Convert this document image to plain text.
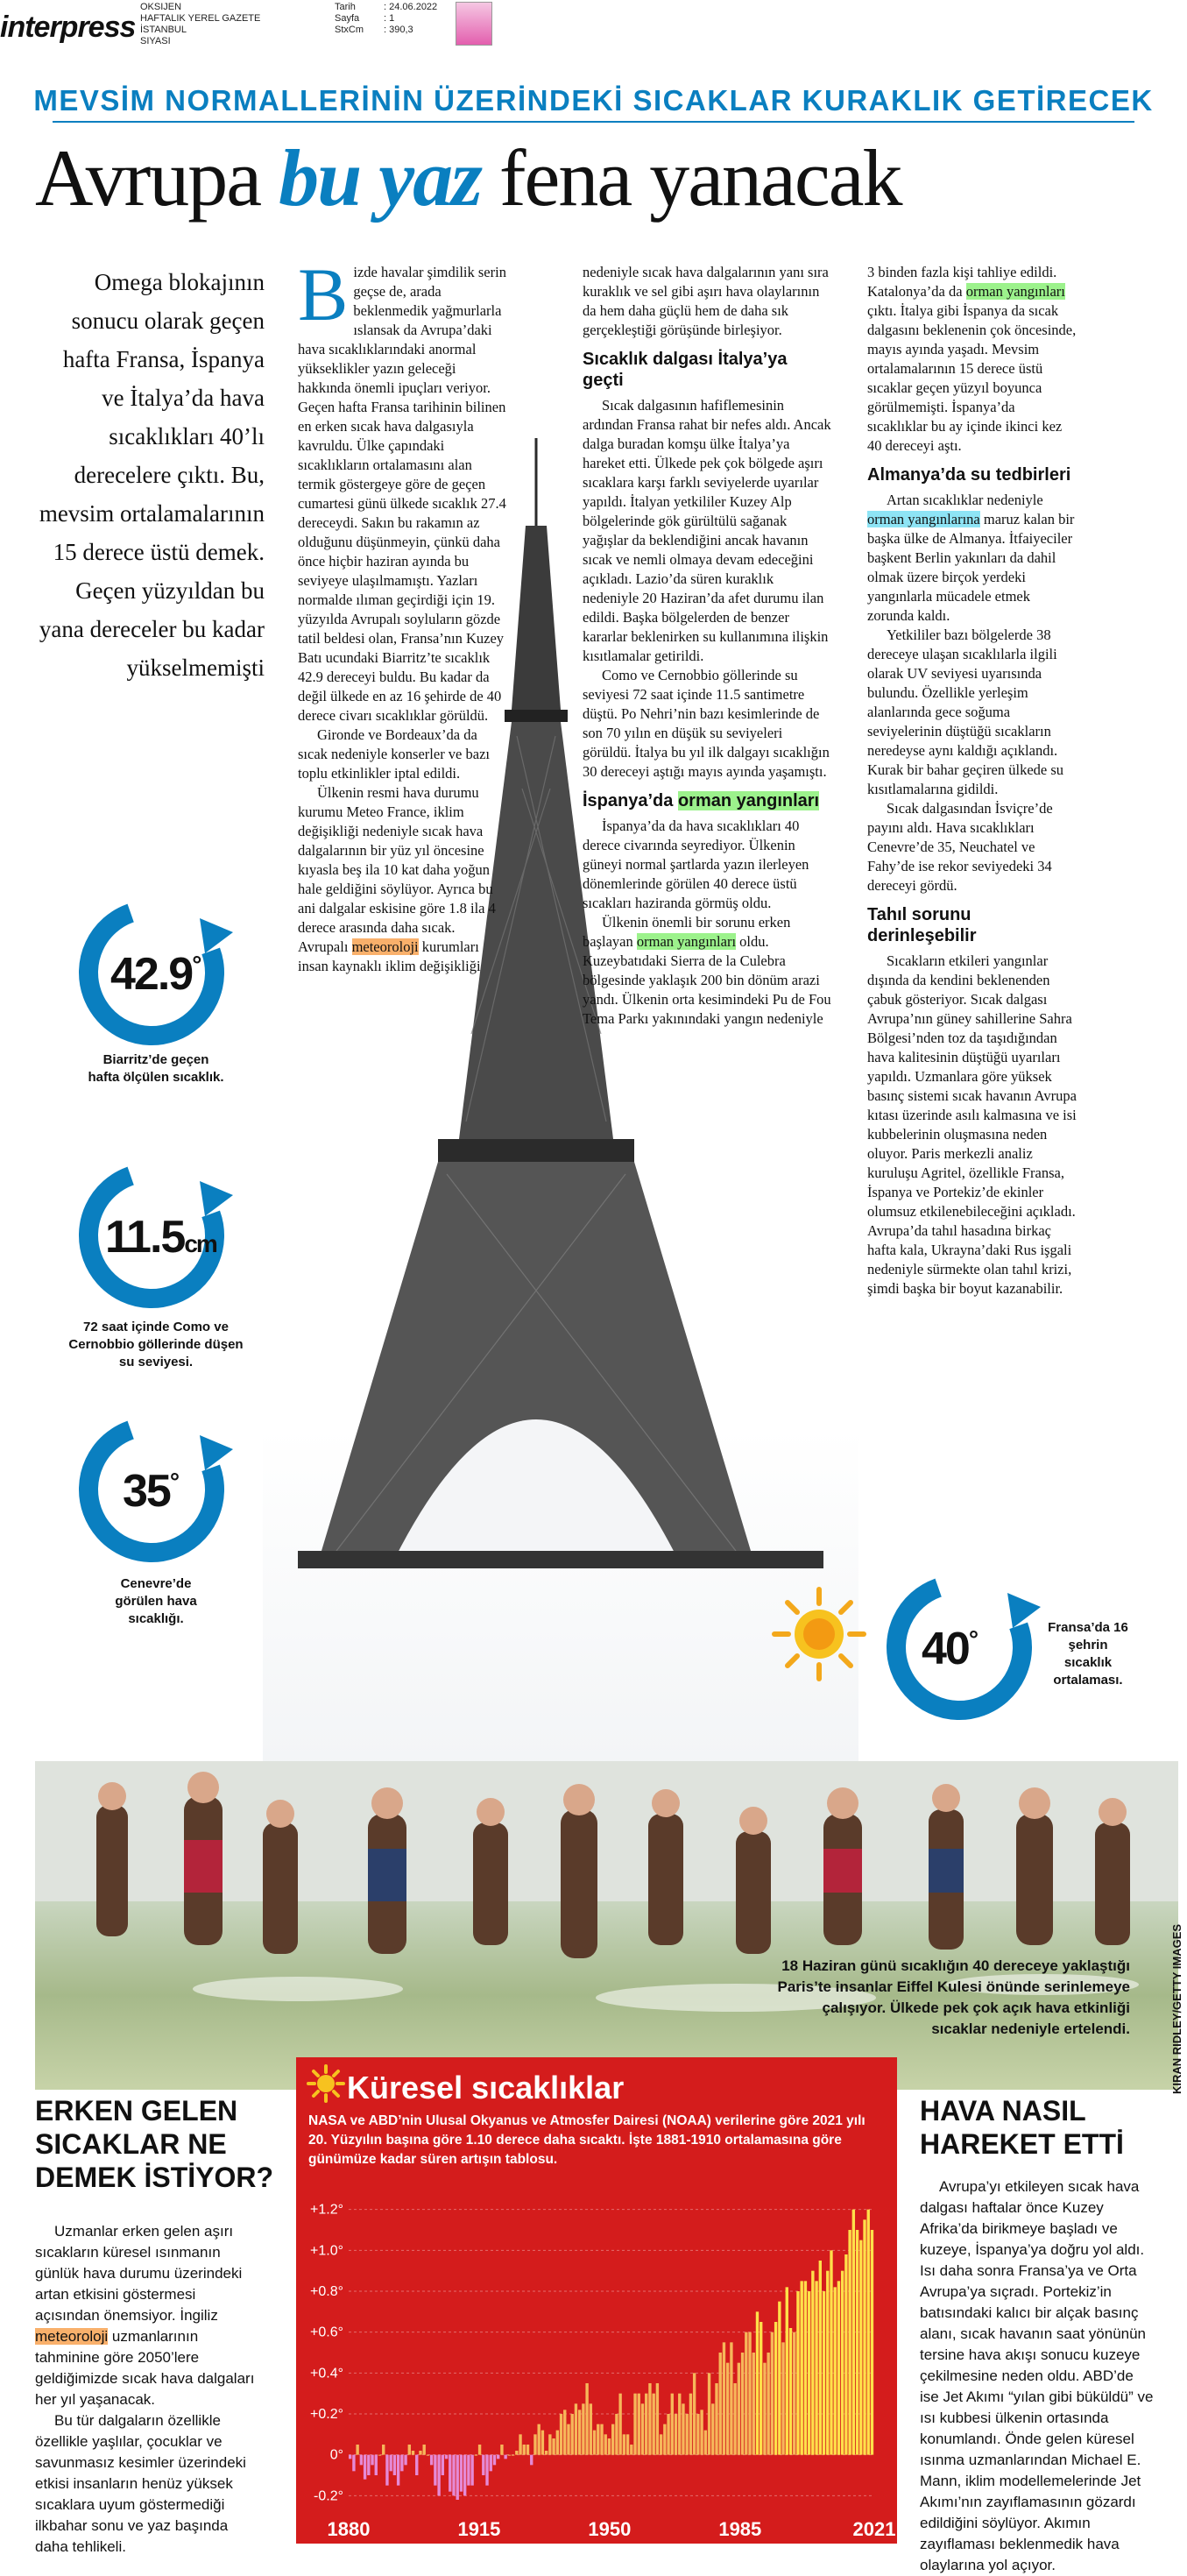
interpress
OKSIJEN
HAFTALIK YEREL GAZETE
İSTANBUL
SIYASI
Tarih
Sayfa
StxCm
: 24.06.2022
: 1
: 390,3
MEVSİM NORMALLERİNİN ÜZERİNDEKİ SICAKLAR KURAKLIK GETİRECEK
Avrupa bu yaz fena yanacak
Omega blokajının sonucu olarak geçen hafta Fransa, İspanya ve İtalya’da hava sıcaklıkları 40’lı derecelere çıktı. Bu, mevsim ortalamalarının 15 derece üstü demek. Geçen yüzyıldan bu yana dereceler bu kadar yükselmemişti
42.9°
Biarritz’de geçen hafta ölçülen sıcaklık.
11.5cm
72 saat içinde Como ve Cernobbio göllerinde düşen su seviyesi.
35°
Cenevre’de görülen hava sıcaklığı.

Bizde havalar şimdilik serin geçse de, arada beklenmedik yağmurlarla ıslansak da Avrupa’daki hava sıcaklıklarındaki anormal yükseklikler yazın geleceği hakkında önemli ipuçları veriyor. Geçen hafta Fransa tarihinin bilinen en erken sıcak hava dalgasıyla kavruldu. Ülke çapındaki sıcaklıkların ortalamasını alan termik göstergeye göre de geçen cumartesi günü ülkede sıcaklık 27.4 dereceydi. Sakın bu rakamın az olduğunu düşünmeyin, çünkü daha önce hiçbir haziran ayında bu seviyeye ulaşılmamıştı. Yazları normalde ılıman geçirdiği için 19. yüzyılda Avrupalı soyluların gözde tatil beldesi olan, Fransa’nın Kuzey Batı ucundaki Biarritz’te sıcaklık 42.9 dereceyi buldu. Bu kadar da değil ülkede en az 16 şehirde de 40 derece civarı sıcaklıklar görüldü.

Gironde ve Bordeaux’da da sıcak nedeniyle konserler ve bazı toplu etkinlikler iptal edildi.

Ülkenin resmi hava durumu kurumu Meteo France, iklim değişikliği nedeniyle sıcak hava dalgalarının bir yüz yıl öncesine kıyasla beş ila 10 kat daha yoğun hale geldiğini söylüyor. Ayrıca bu ani dalgalar eskisine göre 1.8 ila 4 derece arasında daha sıcak. Avrupalı meteoroloji kurumları insan kaynaklı iklim değişikliği

nedeniyle sıcak hava dalgalarının yanı sıra kuraklık ve sel gibi aşırı hava olaylarının da hem daha güçlü hem de daha sık gerçekleştiği görüşünde birleşiyor.

Sıcaklık dalgası İtalya’ya geçti

Sıcak dalgasının hafiflemesinin ardından Fransa rahat bir nefes aldı. Ancak dalga buradan komşu ülke İtalya’ya hareket etti. Ülkede pek çok bölgede aşırı sıcaklara karşı farklı seviyelerde uyarılar yapıldı. İtalyan yetkililer Kuzey Alp bölgelerinde gök gürültülü sağanak yağışlar da beklendiğini ancak havanın sıcak ve nemli olmaya devam edeceğini açıkladı. Lazio’da süren kuraklık nedeniyle 20 Haziran’da afet durumu ilan edildi. Başka bölgelerden de benzer kararlar beklenirken su kullanımına ilişkin kısıtlamalar getirildi.

Como ve Cernobbio göllerinde su seviyesi 72 saat içinde 11.5 santimetre düştü. Po Nehri’nin bazı kesimlerinde de son 70 yılın en düşük su seviyeleri görüldü. İtalya bu yıl ilk dalgayı sıcaklığın 30 dereceyi aştığı mayıs ayında yaşamıştı.

İspanya’da orman yangınları

İspanya’da da hava sıcaklıkları 40 derece civarında seyrediyor. Ülkenin güneyi normal şartlarda yazın ilerleyen dönemlerinde görülen 40 derece üstü sıcakları haziranda görmüş oldu.

Ülkenin önemli bir sorunu erken başlayan orman yangınları oldu. Kuzeybatıdaki Sierra de la Culebra bölgesinde yaklaşık 200 bin dönüm arazi yandı. Ülkenin orta kesimindeki Pu de Fou Tema Parkı yakınındaki yangın nedeniyle

3 binden fazla kişi tahliye edildi. Katalonya’da da orman yangınları çıktı. İtalya gibi İspanya da sıcak dalgasını beklenenin çok öncesinde, mayıs ayında yaşadı. Mevsim ortalamalarının 15 derece üstü sıcaklar geçen yüzyıl boyunca görülmemişti. İspanya’da sıcaklıklar bu ay içinde ikinci kez 40 dereceyi aştı.

Almanya’da su tedbirleri

Artan sıcaklıklar nedeniyle orman yangınlarına maruz kalan bir başka ülke de Almanya. İtfaiyeciler başkent Berlin yakınları da dahil olmak üzere birçok yerdeki yangınlarla mücadele etmek zorunda kaldı.

Yetkililer bazı bölgelerde 38 dereceye ulaşan sıcaklılarla ilgili olarak UV seviyesi uyarısında bulundu. Özellikle yerleşim alanlarında gece soğuma seviyelerinin düştüğü sıcakların neredeyse aynı kaldığı açıklandı. Kurak bir bahar geçiren ülkede su kısıtlamalarına gidildi.

Sıcak dalgasından İsviçre’de payını aldı. Hava sıcaklıkları Cenevre’de 35, Neuchatel ve Fahy’de ise rekor seviyedeki 34 dereceyi gördü.

Tahıl sorunu derinleşebilir

Sıcakların etkileri yangınlar dışında da kendini beklenenden çabuk gösteriyor. Sıcak dalgası Avrupa’nın güney sahillerine Sahra Bölgesi’nden toz da taşıdığından hava kalitesinin düştüğü uyarıları yapıldı. Uzmanlara göre yüksek basınç sistemi sıcak havanın Avrupa kıtası üzerinde asılı kalmasına ve isi kubbelerinin oluşmasına neden oluyor. Paris merkezli analiz kuruluşu Agritel, özellikle Fransa, İspanya ve Portekiz’de ekinler olumsuz etkilenebileceğini açıkladı. Avrupa’da tahıl hasadına birkaç hafta kala, Ukrayna’daki Rus işgali nedeniyle sürmekte olan tahıl krizi, şimdi başka bir boyut kazanabilir.

40°	Fransa’da 16 şehrin sıcaklık ortalaması.
18 Haziran günü sıcaklığın 40 dereceye yaklaştığı Paris’te insanlar Eiffel Kulesi önünde serinlemeye çalışıyor. Ülkede pek çok açık hava etkinliği sıcaklar nedeniyle ertelendi.	KIRAN RIDLEY/GETTY IMAGES
ERKEN GELEN SICAKLAR NE DEMEK İSTİYOR?

Uzmanlar erken gelen aşırı sıcakların küresel ısınmanın günlük hava durumu üzerindeki artan etkisini göstermesi açısından önemsiyor. İngiliz meteoroloji uzmanlarının tahminine göre 2050’lere geldiğimizde sıcak hava dalgaları her yıl yaşanacak.

Bu tür dalgaların özellikle özellikle yaşlılar, çocuklar ve savunmasız kesimler üzerindeki etkisi insanların henüz yüksek sıcaklara uyum göstermediği ilkbahar sonu ve yaz başında daha tehlikeli.

Küresel sıcaklıklar
NASA ve ABD’nin Ulusal Okyanus ve Atmosfer Dairesi (NOAA) verilerine göre 2021 yılı 20. Yüzyılın başına göre 1.10 derece daha sıcaktı. İşte 1881-1910 ortalamasına göre günümüze kadar süren artışın tablosu.
+1.2°
+1.0°
+0.8°
+0.6°
+0.4°
+0.2°
0°
-0.2°
1880	1915	1950	1985	2021
HAVA NASIL HAREKET ETTİ

Avrupa’yı etkileyen sıcak hava dalgası haftalar önce Kuzey Afrika’da birikmeye başladı ve kuzeye, İspanya’ya doğru yol aldı. Isı daha sonra Fransa’ya ve Orta Avrupa’ya sıçradı. Portekiz’in batısındaki kalıcı bir alçak basınç alanı, sıcak havanın saat yönünün tersine hava akışı sonucu kuzeye çekilmesine neden oldu. ABD’de ise Jet Akımı “yılan gibi büküldü” ve ısı kubbesi ülkenin ortasında konumlandı. Önde gelen küresel ısınma uzmanlarından Michael E. Mann, iklim modellemelerinde Jet Akımı’nın zayıflamasının gözardı edildiğini söylüyor. Akımın zayıflaması beklenmedik hava olaylarına yol açıyor.
